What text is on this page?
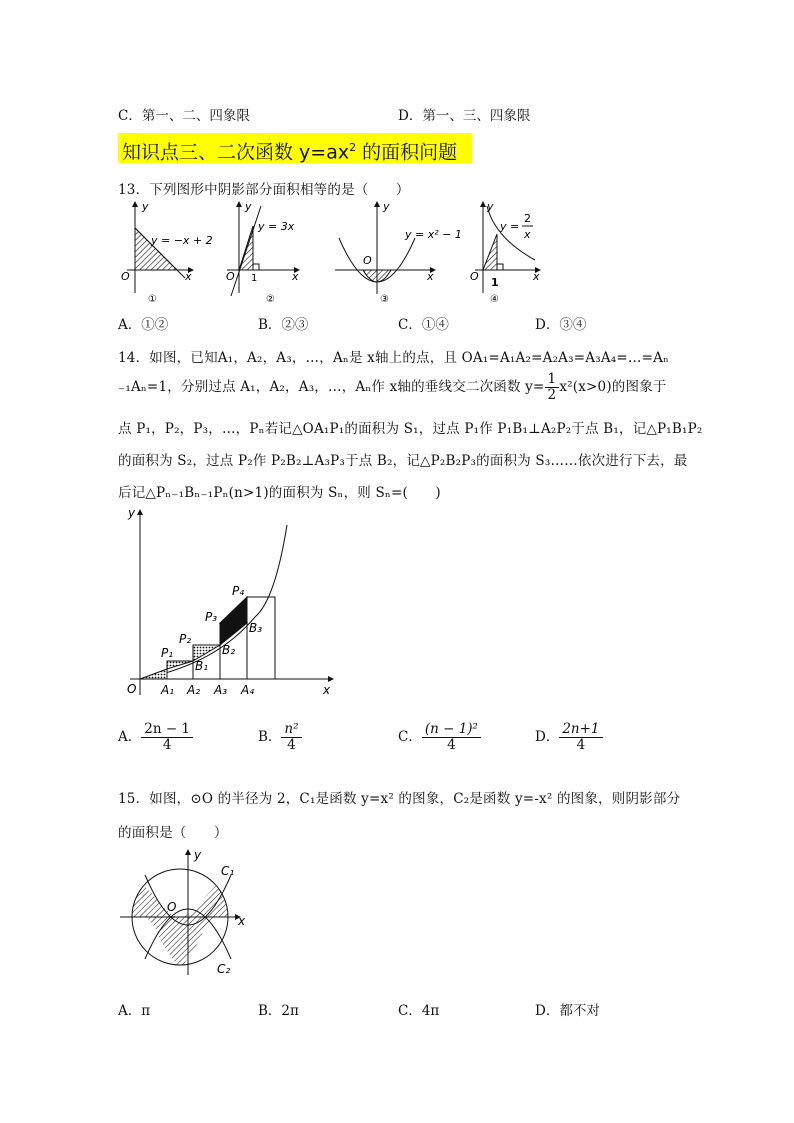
C．第一、二、四象限	D．第一、三、四象限
知识点三、二次函数 $y=ax^2$ 的面积问题
13．下列图形中阴影部分面积相等的是（　　）
y
x
O
y = −x + 2
①
y
x
O 1
y = 3x
②
y
x
O
y = x² − 1
③
y
x
O 1
y =
2
x
④
A．①②	B．②③	C．①④	D．③④
14．如图，已知A₁，A₂，A₃，…，Aₙ是 x轴上的点，且 OA₁=A₁A₂=A₂A₃=A₃A₄=…=Aₙ
₋₁Aₙ=1，分别过点 A₁，A₂，A₃，…，Aₙ作 x轴的垂线交二次函数 $y= \frac{1}{2} x^2(x>0)$的图象于
点 P₁，P₂，P₃，…，Pₙ若记△OA₁P₁的面积为 S₁，过点 P₁作 P₁B₁⊥A₂P₂于点 B₁，记△P₁B₁P₂
的面积为 S₂，过点 P₂作 P₂B₂⊥A₃P₃于点 B₂，记△P₂B₂P₃的面积为 S₃……依次进行下去，最
后记△Pₙ₋₁Bₙ₋₁Pₙ(n>1)的面积为 Sₙ，则 Sₙ=(　　)
O	x
y
A₁ A₂ A₃ A₄
P₁
P₂
P₃
P₄
B₁
B₂
B₃
A． $\frac{2n - 1}{4}$	B． $\frac{\text{n²}}{4}$	C． $\frac{\text{(n − 1)²}}{4}$	D． $\frac{2n+1}{4}$
15．如图，⊙O 的半径为 2，C₁是函数 y=x² 的图象，C₂是函数 y=-x² 的图象，则阴影部分
的面积是（　　）
y
x
O
C₁
C₂
A．π	B．2π	C．4π	D．都不对
